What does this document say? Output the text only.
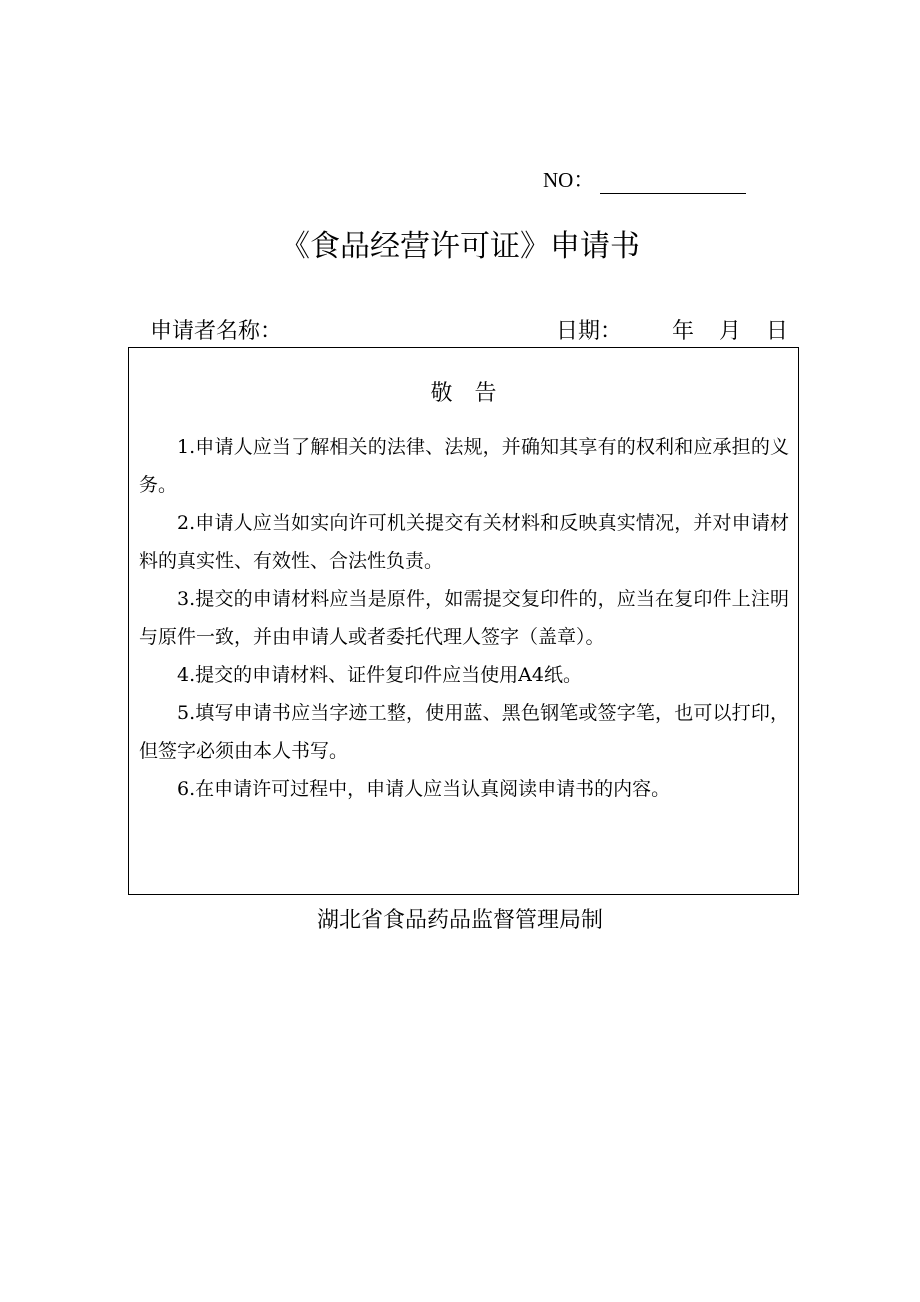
NO：
《食品经营许可证》申请书
申请者名称：	日期： 年 月 日
敬告
1.申请人应当了解相关的法律、法规，并确知其享有的权利和应承担的义务。
2.申请人应当如实向许可机关提交有关材料和反映真实情况，并对申请材料的真实性、有效性、合法性负责。
3.提交的申请材料应当是原件，如需提交复印件的，应当在复印件上注明与原件一致，并由申请人或者委托代理人签字（盖章）。
4.提交的申请材料、证件复印件应当使用A4纸。
5.填写申请书应当字迹工整，使用蓝、黑色钢笔或签字笔，也可以打印，但签字必须由本人书写。
6.在申请许可过程中，申请人应当认真阅读申请书的内容。
湖北省食品药品监督管理局制
